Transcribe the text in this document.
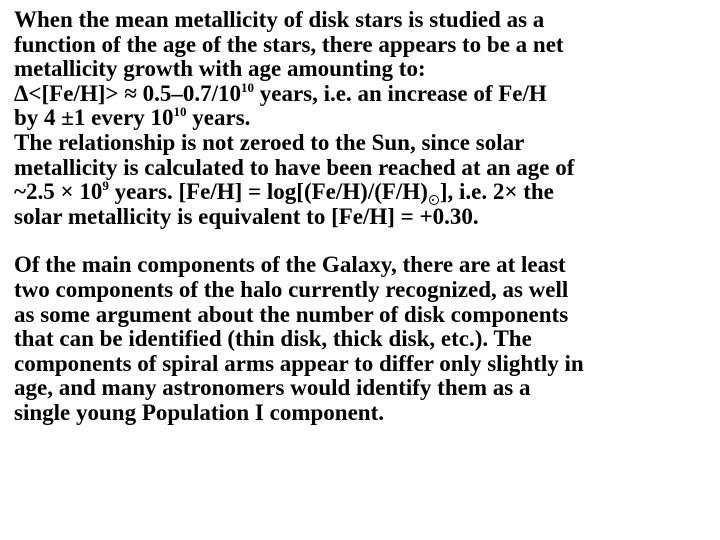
When the mean metallicity of disk stars is studied as a
function of the age of the stars, there appears to be a net
metallicity growth with age amounting to:
$\Delta<[Fe/H]> \approx 0.5-0.7/10^{10}$ years, i.e. an increase of Fe/H
by 4 ±1 every $10^{10}$ years.
The relationship is not zeroed to the Sun, since solar
metallicity is calculated to have been reached at an age of
~2.5 × $10^9$ years. [Fe/H] = log[(Fe/H)/(F/H) ], i.e. 2× the
solar metallicity is equivalent to [Fe/H] = +0.30.

Of the main components of the Galaxy, there are at least
two components of the halo currently recognized, as well
as some argument about the number of disk components
that can be identified (thin disk, thick disk, etc.). The
components of spiral arms appear to differ only slightly in
age, and many astronomers would identify them as a
single young Population I component.
